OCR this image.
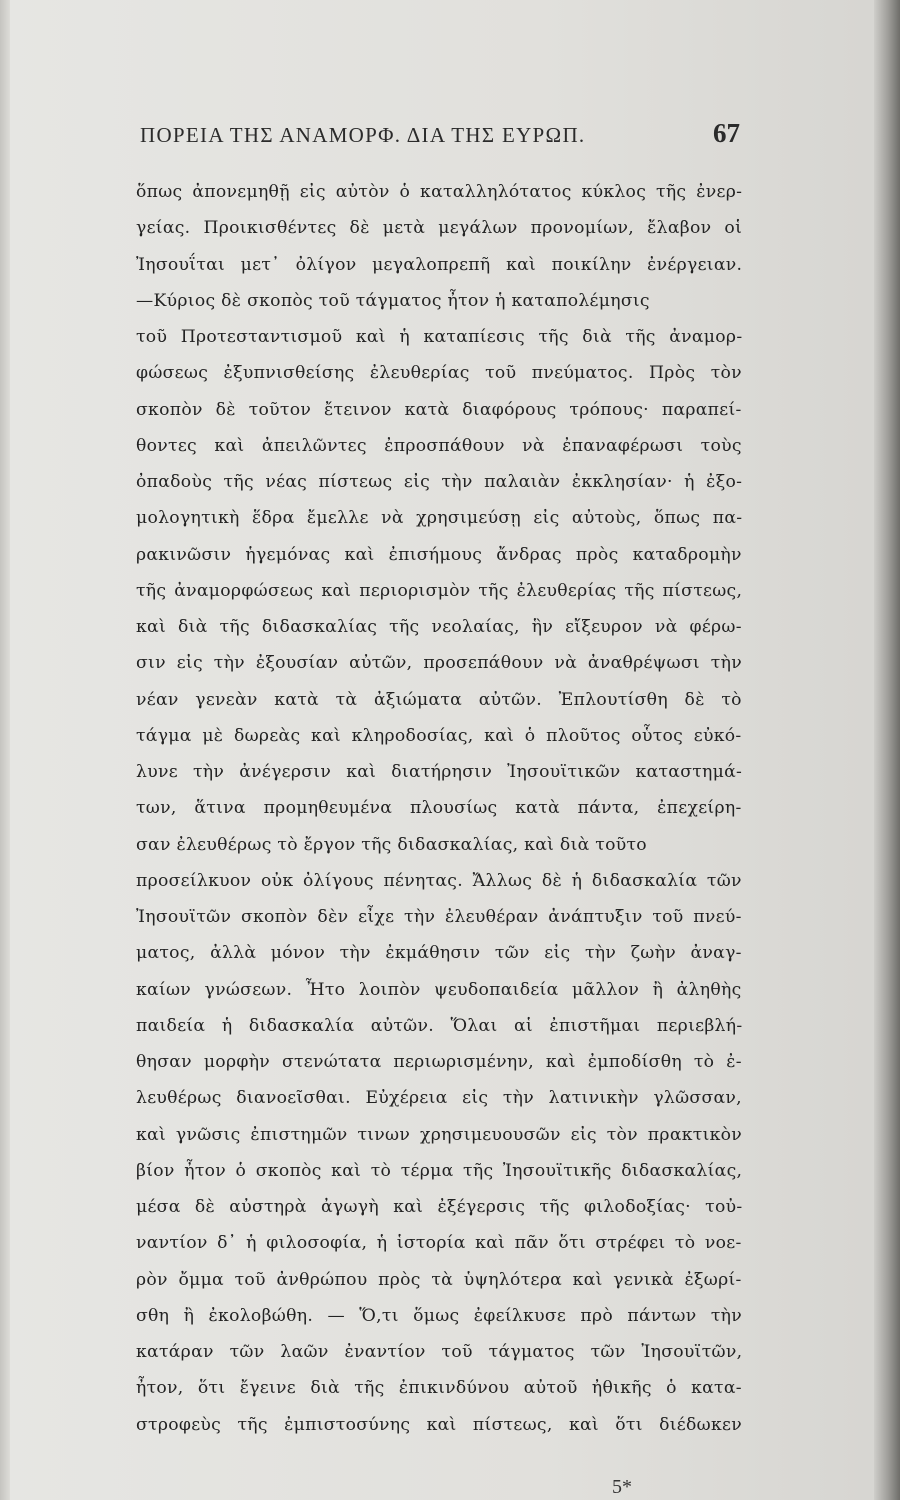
ΠΟΡΕΙΑ ΤΗΣ ΑΝΑΜΟΡΦ. ΔΙΑ ΤΗΣ ΕΥΡΩΠ.	67
ὅπως ἀπονεμηθῇ εἰς αὐτὸν ὁ καταλληλότατος κύκλος τῆς ἐνερ-
γείας. Προικισθέντες δὲ μετὰ μεγάλων προνομίων, ἔλαβον οἱ
Ἰησουΐται μετ᾽ ὀλίγον μεγαλοπρεπῆ καὶ ποικίλην ἐνέργειαν.
—Κύριος δὲ σκοπὸς τοῦ τάγματος ἦτον ἡ καταπολέμησις
τοῦ Προτεσταντισμοῦ καὶ ἡ καταπίεσις τῆς διὰ τῆς ἀναμορ-
φώσεως ἐξυπνισθείσης ἐλευθερίας τοῦ πνεύματος. Πρὸς τὸν
σκοπὸν δὲ τοῦτον ἔτεινον κατὰ διαφόρους τρόπους· παραπεί-
θοντες καὶ ἀπειλῶντες ἐπροσπάθουν νὰ ἐπαναφέρωσι τοὺς
ὀπαδοὺς τῆς νέας πίστεως εἰς τὴν παλαιὰν ἐκκλησίαν· ἡ ἐξο-
μολογητικὴ ἕδρα ἔμελλε νὰ χρησιμεύσῃ εἰς αὐτοὺς, ὅπως πα-
ρακινῶσιν ἡγεμόνας καὶ ἐπισήμους ἄνδρας πρὸς καταδρομὴν
τῆς ἀναμορφώσεως καὶ περιορισμὸν τῆς ἐλευθερίας τῆς πίστεως,
καὶ διὰ τῆς διδασκαλίας τῆς νεολαίας, ἣν εἴξευρον νὰ φέρω-
σιν εἰς τὴν ἐξουσίαν αὐτῶν, προσεπάθουν νὰ ἀναθρέψωσι τὴν
νέαν γενεὰν κατὰ τὰ ἀξιώματα αὐτῶν. Ἐπλουτίσθη δὲ τὸ
τάγμα μὲ δωρεὰς καὶ κληροδοσίας, καὶ ὁ πλοῦτος οὗτος εὐκό-
λυνε τὴν ἀνέγερσιν καὶ διατήρησιν Ἰησουϊτικῶν καταστημά-
των, ἅτινα προμηθευμένα πλουσίως κατὰ πάντα, ἐπεχείρη-
σαν ἐλευθέρως τὸ ἔργον τῆς διδασκαλίας, καὶ διὰ τοῦτο
προσείλκυον οὐκ ὀλίγους πένητας. Ἄλλως δὲ ἡ διδασκαλία τῶν
Ἰησουϊτῶν σκοπὸν δὲν εἶχε τὴν ἐλευθέραν ἀνάπτυξιν τοῦ πνεύ-
ματος, ἀλλὰ μόνον τὴν ἐκμάθησιν τῶν εἰς τὴν ζωὴν ἀναγ-
καίων γνώσεων. Ἦτο λοιπὸν ψευδοπαιδεία μᾶλλον ἢ ἀληθὴς
παιδεία ἡ διδασκαλία αὐτῶν. Ὅλαι αἱ ἐπιστῆμαι περιεβλή-
θησαν μορφὴν στενώτατα περιωρισμένην, καὶ ἐμποδίσθη τὸ ἐ-
λευθέρως διανοεῖσθαι. Εὐχέρεια εἰς τὴν λατινικὴν γλῶσσαν,
καὶ γνῶσις ἐπιστημῶν τινων χρησιμευουσῶν εἰς τὸν πρακτικὸν
βίον ἦτον ὁ σκοπὸς καὶ τὸ τέρμα τῆς Ἰησουϊτικῆς διδασκαλίας,
μέσα δὲ αὐστηρὰ ἀγωγὴ καὶ ἐξέγερσις τῆς φιλοδοξίας· τοὐ-
ναντίον δ᾽ ἡ φιλοσοφία, ἡ ἱστορία καὶ πᾶν ὅτι στρέφει τὸ νοε-
ρὸν ὄμμα τοῦ ἀνθρώπου πρὸς τὰ ὑψηλότερα καὶ γενικὰ ἐξωρί-
σθη ἢ ἐκολοβώθη. — Ὅ,τι ὅμως ἐφείλκυσε πρὸ πάντων τὴν
κατάραν τῶν λαῶν ἐναντίον τοῦ τάγματος τῶν Ἰησουϊτῶν,
ἦτον, ὅτι ἔγεινε διὰ τῆς ἐπικινδύνου αὐτοῦ ἠθικῆς ὁ κατα-
στροφεὺς τῆς ἐμπιστοσύνης καὶ πίστεως, καὶ ὅτι διέδωκεν
5*
